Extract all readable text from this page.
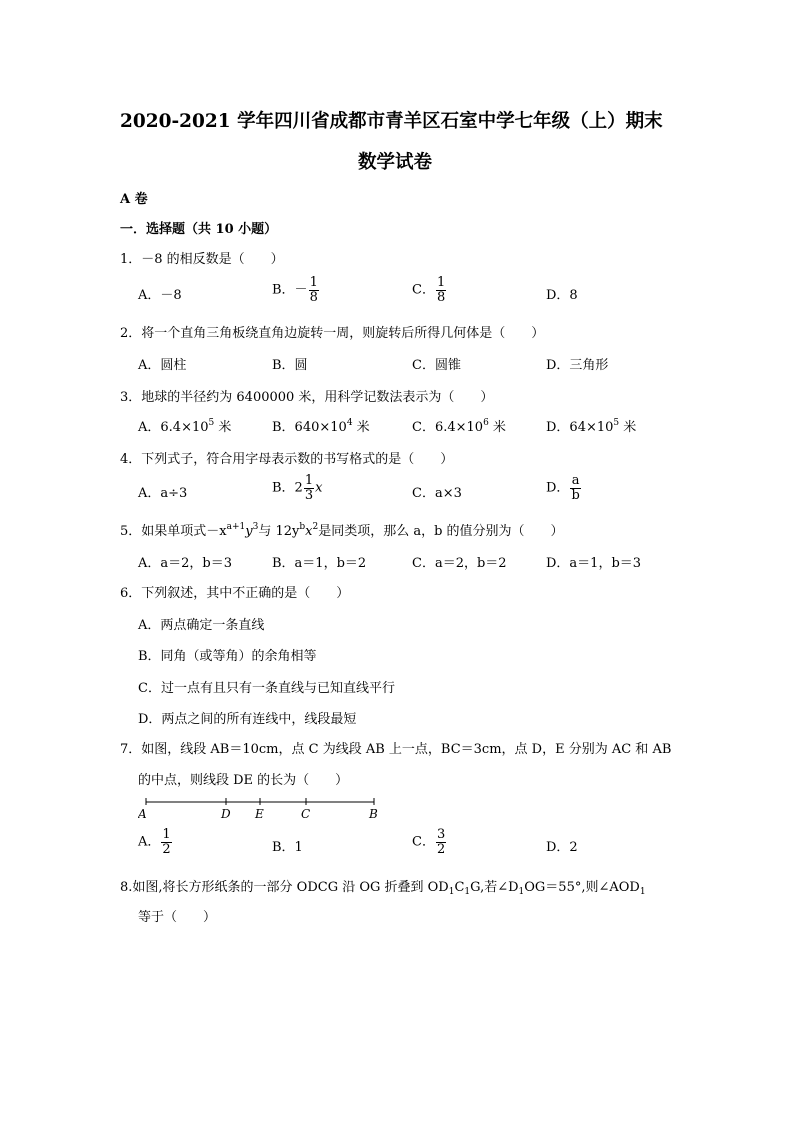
2020-2021 学年四川省成都市青羊区石室中学七年级（上）期末
数学试卷
A 卷
一．选择题（共 10 小题）
1．－8 的相反数是（　　）
A．－8	B．－ $\frac{1}{8}$	C． $\frac{1}{8}$	D．8
2．将一个直角三角板绕直角边旋转一周，则旋转后所得几何体是（　　）
A．圆柱	B．圆	C．圆锥	D．三角形
3．地球的半径约为 6400000 米，用科学记数法表示为（　　）
A．$6.4\times 10^5$ 米	B．$640\times 10^4$ 米	C．$6.4\times 10^6$ 米	D．$64\times 10^5$ 米
4．下列式子，符合用字母表示数的书写格式的是（　　）
A．a÷3	B．$2 \frac{1}{3}$ x	C．a×3	D． $\frac{a}{b}$
5．如果单项式$-x^{a+1}y^3$与 $12y^bx^2$是同类项，那么 a，b 的值分别为（　　）
A．a＝2，b＝3	B．a＝1，b＝2	C．a＝2，b＝2	D．a＝1，b＝3
6．下列叙述，其中不正确的是（　　）
A．两点确定一条直线
B．同角（或等角）的余角相等
C．过一点有且只有一条直线与已知直线平行
D．两点之间的所有连线中，线段最短
7．如图，线段 AB＝10cm，点 C 为线段 AB 上一点，BC＝3cm，点 D，E 分别为 AC 和 AB
的中点，则线段 DE 的长为（　　）
A	D E	C	B
A． $\frac{1}{2}$	B．1	C． $\frac{3}{2}$	D．2
8.如图,将长方形纸条的一部分 ODCG 沿 OG 折叠到 $OD_1C_1G$,若$\angle D_1OG=55^\circ$,则$\angle AOD_1$
等于（　　）
